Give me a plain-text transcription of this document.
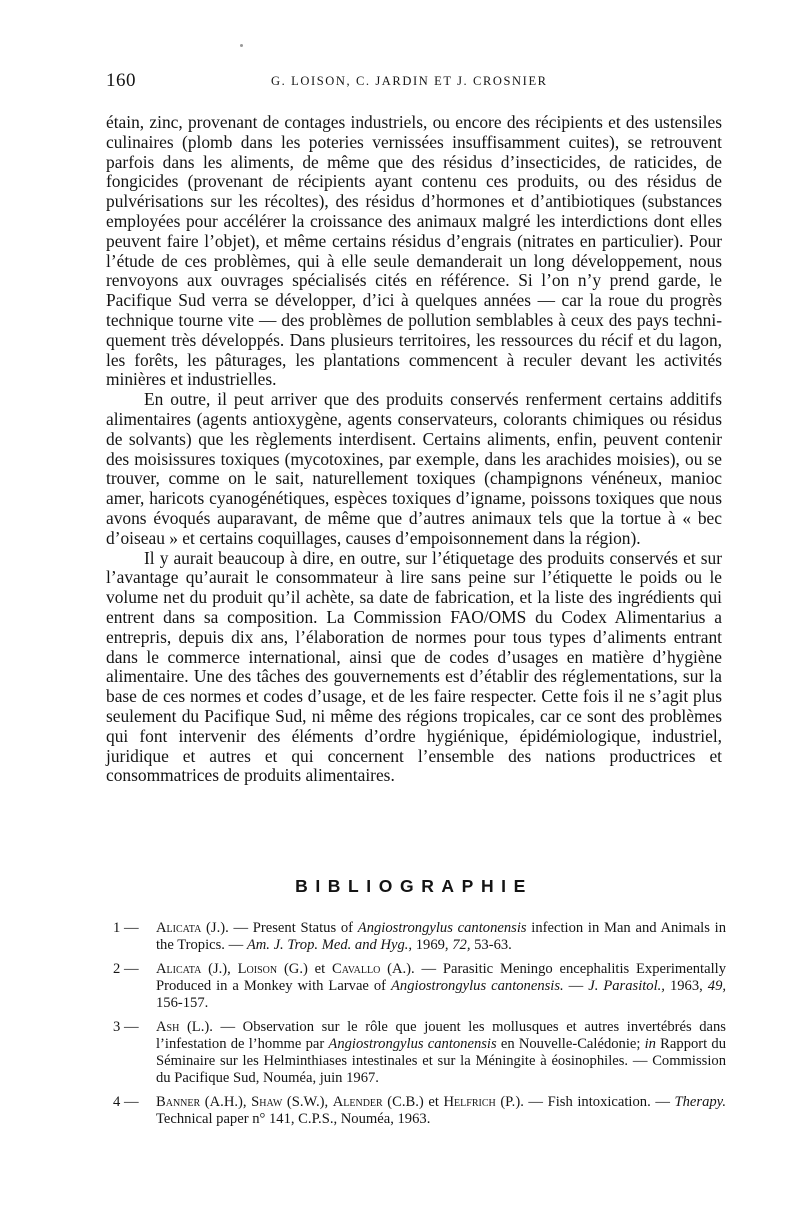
160	G. LOISON, C. JARDIN ET J. CROSNIER

étain, zinc, provenant de contages industriels, ou encore des récipients et des ustensiles culinaires (plomb dans les poteries vernissées insuffisamment cuites), se retrouvent parfois dans les aliments, de même que des résidus d’insecticides, de raticides, de fongicides (provenant de récipients ayant contenu ces produits, ou des résidus de pulvérisations sur les récoltes), des résidus d’hormones et d’antibiotiques (substances employées pour accélérer la croissance des animaux malgré les interdictions dont elles peuvent faire l’objet), et même certains résidus d’engrais (nitrates en particulier). Pour l’étude de ces problèmes, qui à elle seule demanderait un long développement, nous renvoyons aux ouvrages spécialisés cités en référence. Si l’on n’y prend garde, le Pacifique Sud verra se développer, d’ici à quelques années — car la roue du progrès technique tourne vite — des problèmes de pollution semblables à ceux des pays techniquement très développés. Dans plusieurs territoires, les ressources du récif et du lagon, les forêts, les pâturages, les plantations commencent à reculer devant les activités minières et industrielles.

En outre, il peut arriver que des produits conservés renferment certains additifs alimentaires (agents antioxygène, agents conservateurs, colorants chimiques ou résidus de solvants) que les règlements interdisent. Certains aliments, enfin, peuvent contenir des moisissures toxiques (mycotoxines, par exemple, dans les arachides moisies), ou se trouver, comme on le sait, naturellement toxiques (champignons vénéneux, manioc amer, haricots cyanogénétiques, espèces toxiques d’igname, poissons toxiques que nous avons évoqués auparavant, de même que d’autres animaux tels que la tortue à « bec d’oiseau » et certains coquillages, causes d’empoisonnement dans la région).

Il y aurait beaucoup à dire, en outre, sur l’étiquetage des produits conservés et sur l’avantage qu’aurait le consommateur à lire sans peine sur l’étiquette le poids ou le volume net du produit qu’il achète, sa date de fabrication, et la liste des ingrédients qui entrent dans sa composition. La Commission FAO/OMS du Codex Alimentarius a entrepris, depuis dix ans, l’élaboration de normes pour tous types d’aliments entrant dans le commerce international, ainsi que de codes d’usages en matière d’hygiène alimentaire. Une des tâches des gouvernements est d’établir des réglementations, sur la base de ces normes et codes d’usage, et de les faire respecter. Cette fois il ne s’agit plus seulement du Pacifique Sud, ni même des régions tropicales, car ce sont des problèmes qui font intervenir des éléments d’ordre hygiénique, épidémiologique, industriel, juridique et autres et qui concernent l’ensemble des nations productrices et consommatrices de produits alimentaires.

BIBLIOGRAPHIE
1 — Alicata (J.). — Present Status of Angiostrongylus cantonensis infection in Man and Animals in the Tropics. — Am. J. Trop. Med. and Hyg., 1969, 72, 53-63.
2 — Alicata (J.), Loison (G.) et Cavallo (A.). — Parasitic Meningo encephalitis Experimentally Produced in a Monkey with Larvae of Angiostrongylus cantonensis. — J. Parasitol., 1963, 49, 156-157.
3 — Ash (L.). — Observation sur le rôle que jouent les mollusques et autres invertébrés dans l’infestation de l’homme par Angiostrongylus cantonensis en Nouvelle-Calédonie; in Rapport du Séminaire sur les Helminthiases intestinales et sur la Méningite à éosinophiles. — Commission du Pacifique Sud, Nouméa, juin 1967.
4 — Banner (A.H.), Shaw (S.W.), Alender (C.B.) et Helfrich (P.). — Fish intoxication. — Therapy. Technical paper n° 141, C.P.S., Nouméa, 1963.
